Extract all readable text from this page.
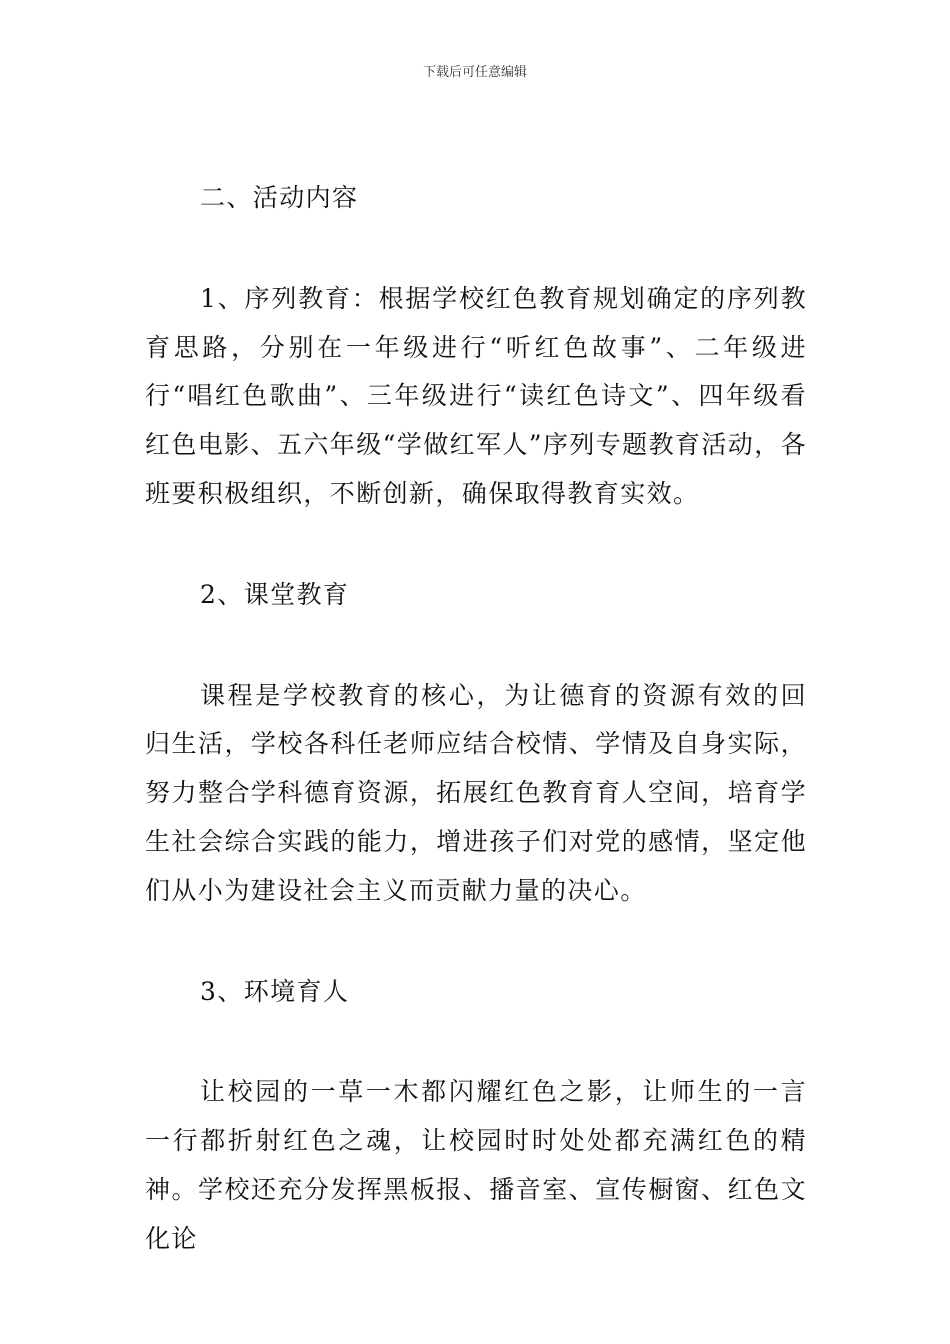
下载后可任意编辑

二、活动内容

1、序列教育：根据学校红色教育规划确定的序列教育思路，分别在一年级进行“听红色故事”、二年级进行“唱红色歌曲”、三年级进行“读红色诗文”、四年级看红色电影、五六年级“学做红军人”序列专题教育活动，各班要积极组织，不断创新，确保取得教育实效。

2、课堂教育

课程是学校教育的核心，为让德育的资源有效的回归生活，学校各科任老师应结合校情、学情及自身实际，努力整合学科德育资源，拓展红色教育育人空间，培育学生社会综合实践的能力，增进孩子们对党的感情，坚定他们从小为建设社会主义而贡献力量的决心。

3、环境育人

让校园的一草一木都闪耀红色之影，让师生的一言一行都折射红色之魂，让校园时时处处都充满红色的精神。学校还充分发挥黑板报、播音室、宣传橱窗、红色文化论
